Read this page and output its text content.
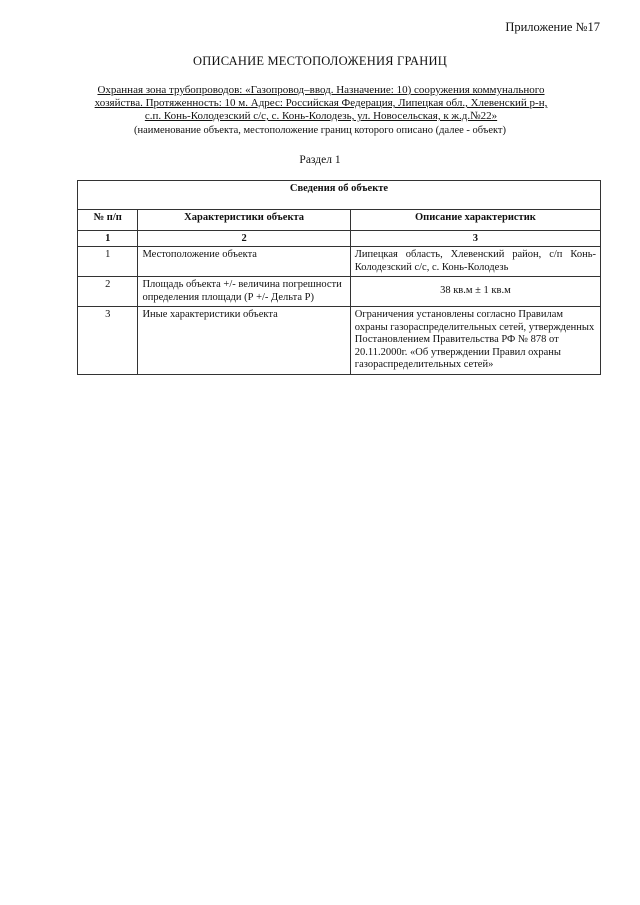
Приложение №17
ОПИСАНИЕ МЕСТОПОЛОЖЕНИЯ ГРАНИЦ
Охранная зона трубопроводов: «Газопровод–ввод. Назначение: 10) сооружения коммунального хозяйства. Протяженность: 10 м. Адрес: Российская Федерация, Липецкая обл., Хлевенский р-н, с.п. Конь-Колодезский с/с, с. Конь-Колодезь, ул. Новосельская, к ж.д.№22»
(наименование объекта, местоположение границ которого описано (далее - объект)
Раздел 1
Сведения об объекте		
№ п/п	Характеристики объекта	Описание характеристик
1	2	3
1	Местоположение объекта	Липецкая область, Хлевенский район, с/п Конь-Колодезский с/с, с. Конь-Колодезь
2	Площадь объекта +/- величина погрешности определения площади (Р +/- Дельта Р)	38 кв.м ± 1 кв.м
3	Иные характеристики объекта	Ограничения установлены согласно Правилам охраны газораспределительных сетей, утвержденных Постановлением Правительства РФ № 878 от 20.11.2000г. «Об утверждении Правил охраны газораспределительных сетей»
